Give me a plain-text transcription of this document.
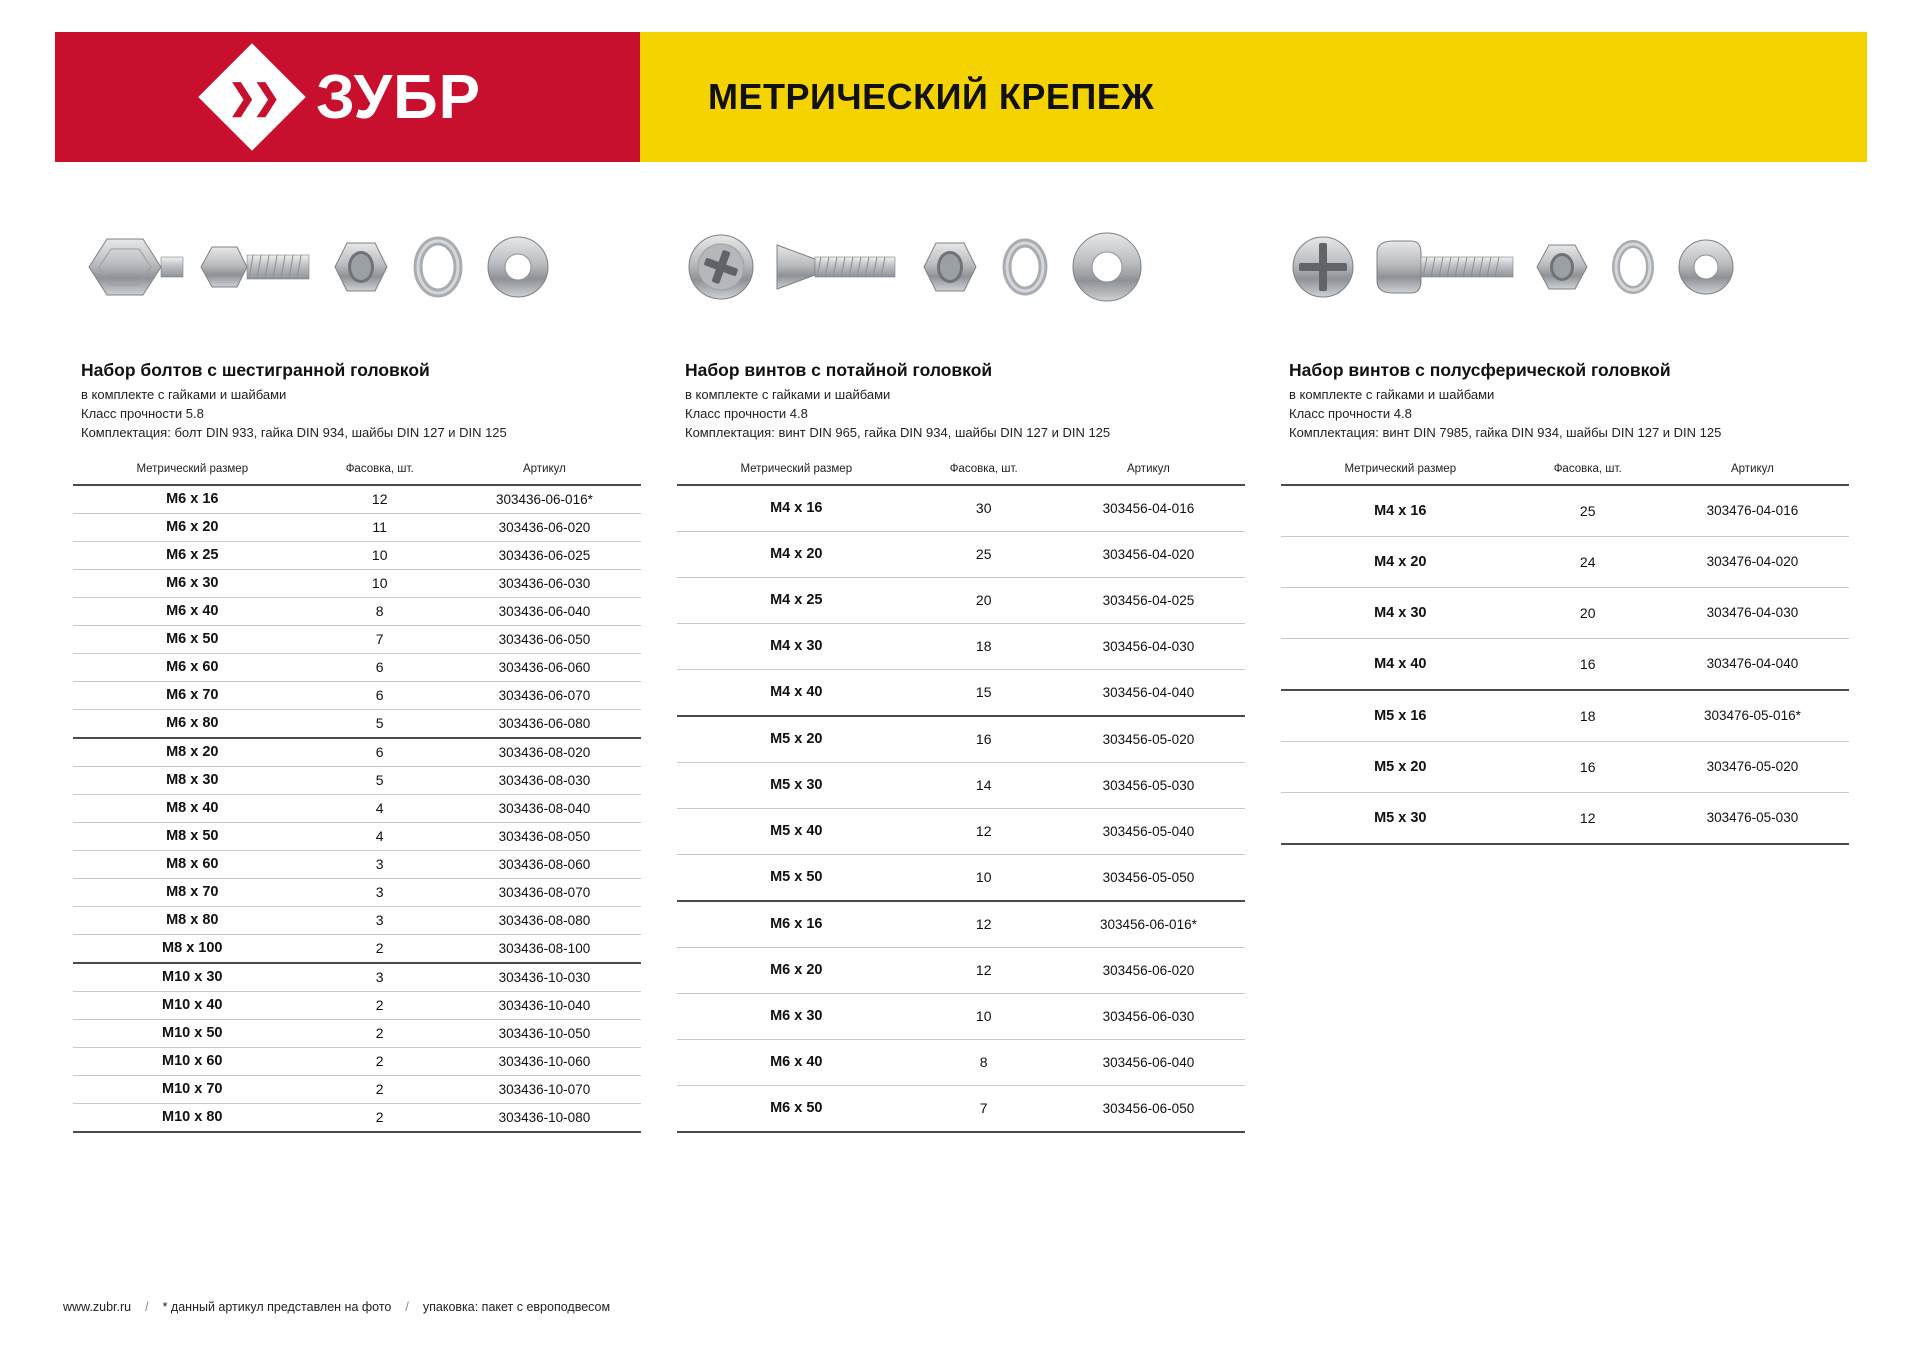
❯❯ ЗУБР	МЕТРИЧЕСКИЙ КРЕПЕЖ
Набор болтов с шестигранной головкой
в комплекте с гайками и шайбами
Класс прочности 5.8
Комплектация: болт DIN 933, гайка DIN 934, шайбы DIN 127 и DIN 125
Метрический размер	Фасовка, шт.	Артикул
M6 x 16	12	303436-06-016*
M6 x 20	11	303436-06-020
M6 x 25	10	303436-06-025
M6 x 30	10	303436-06-030
M6 x 40	8	303436-06-040
M6 x 50	7	303436-06-050
M6 x 60	6	303436-06-060
M6 x 70	6	303436-06-070
M6 x 80	5	303436-06-080
M8 x 20	6	303436-08-020
M8 x 30	5	303436-08-030
M8 x 40	4	303436-08-040
M8 x 50	4	303436-08-050
M8 x 60	3	303436-08-060
M8 x 70	3	303436-08-070
M8 x 80	3	303436-08-080
M8 x 100	2	303436-08-100
M10 x 30	3	303436-10-030
M10 x 40	2	303436-10-040
M10 x 50	2	303436-10-050
M10 x 60	2	303436-10-060
M10 x 70	2	303436-10-070
M10 x 80	2	303436-10-080
Набор винтов с потайной головкой
в комплекте с гайками и шайбами
Класс прочности 4.8
Комплектация: винт DIN 965, гайка DIN 934, шайбы DIN 127 и DIN 125
Метрический размер	Фасовка, шт.	Артикул
M4 x 16	30	303456-04-016
M4 x 20	25	303456-04-020
M4 x 25	20	303456-04-025
M4 x 30	18	303456-04-030
M4 x 40	15	303456-04-040
M5 x 20	16	303456-05-020
M5 x 30	14	303456-05-030
M5 x 40	12	303456-05-040
M5 x 50	10	303456-05-050
M6 x 16	12	303456-06-016*
M6 x 20	12	303456-06-020
M6 x 30	10	303456-06-030
M6 x 40	8	303456-06-040
M6 x 50	7	303456-06-050
Набор винтов с полусферической головкой
в комплекте с гайками и шайбами
Класс прочности 4.8
Комплектация: винт DIN 7985, гайка DIN 934, шайбы DIN 127 и DIN 125
Метрический размер	Фасовка, шт.	Артикул
M4 x 16	25	303476-04-016
M4 x 20	24	303476-04-020
M4 x 30	20	303476-04-030
M4 x 40	16	303476-04-040
M5 x 16	18	303476-05-016*
M5 x 20	16	303476-05-020
M5 x 30	12	303476-05-030
www.zubr.ru / * данный артикул представлен на фото / упаковка: пакет с европодвесом
